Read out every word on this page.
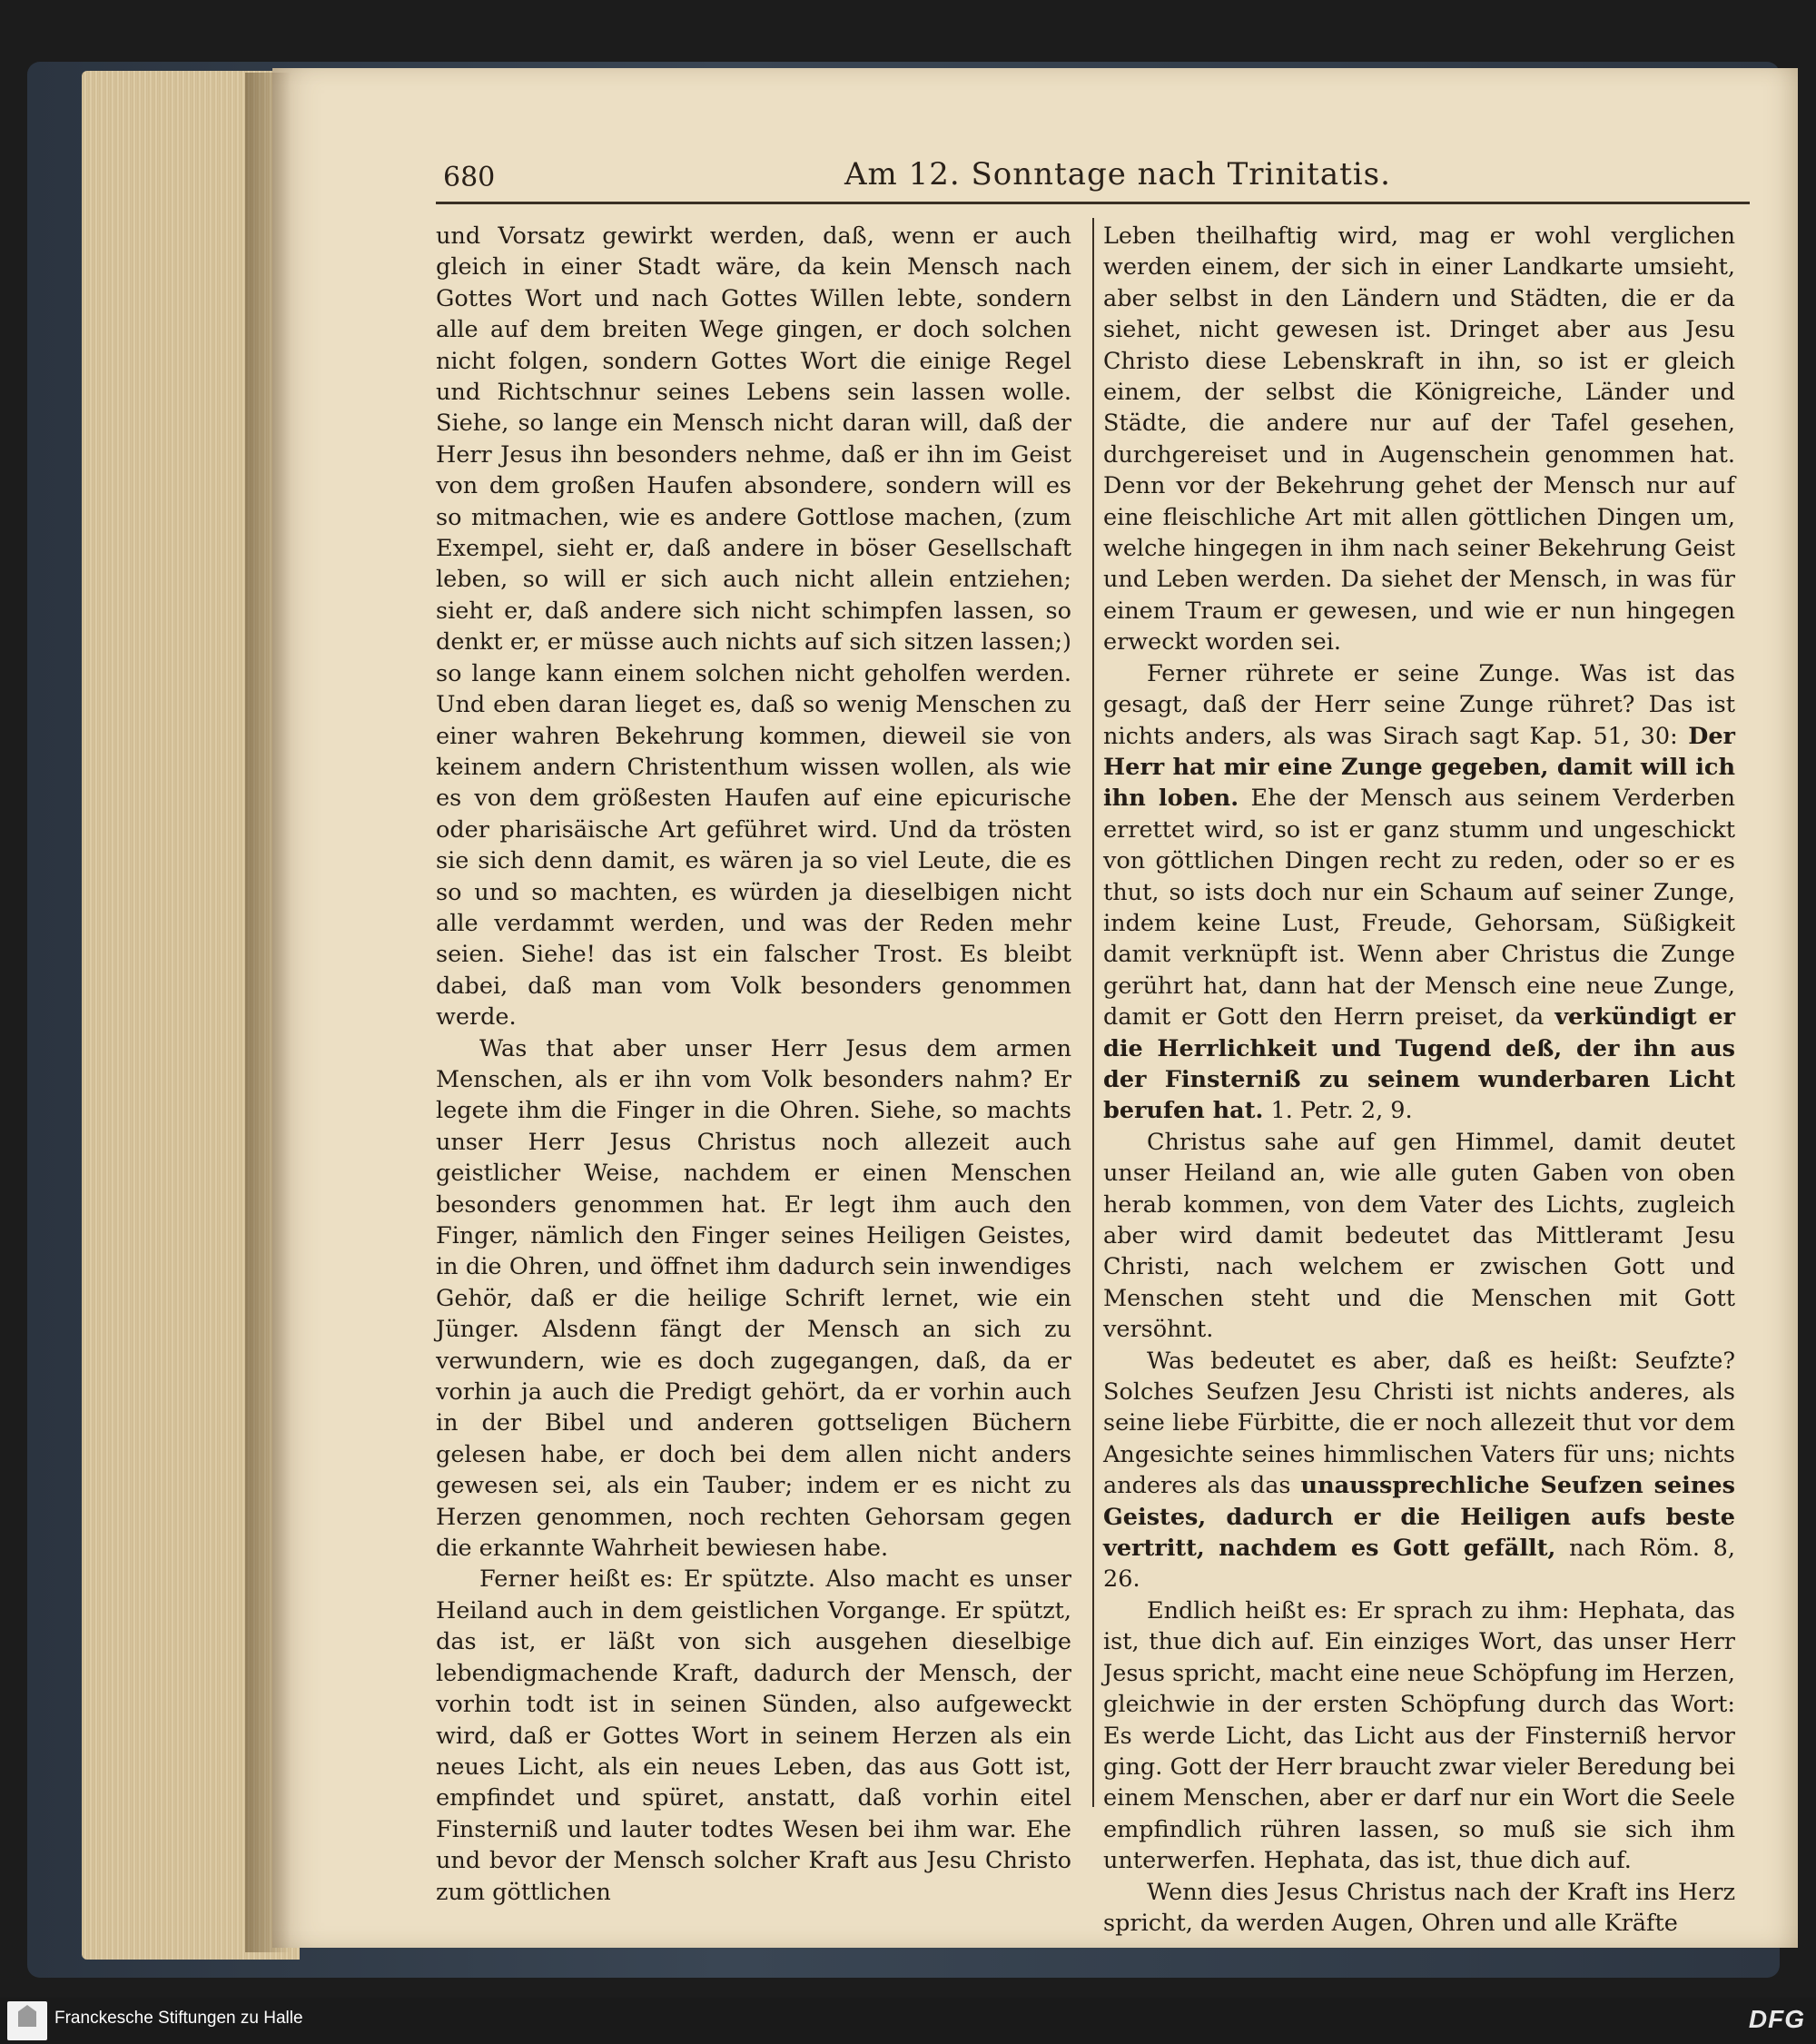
680	Am 12. Sonntage nach Trinitatis.

und Vorsatz gewirkt werden, daß, wenn er auch gleich in einer Stadt wäre, da kein Mensch nach Gottes Wort und nach Gottes Willen lebte, sondern alle auf dem breiten Wege gingen, er doch solchen nicht folgen, sondern Gottes Wort die einige Regel und Richtschnur seines Lebens sein lassen wolle. Siehe, so lange ein Mensch nicht daran will, daß der Herr Jesus ihn besonders nehme, daß er ihn im Geist von dem großen Haufen absondere, sondern will es so mitmachen, wie es andere Gottlose machen, (zum Exempel, sieht er, daß andere in böser Gesellschaft leben, so will er sich auch nicht allein entziehen; sieht er, daß andere sich nicht schimpfen lassen, so denkt er, er müsse auch nichts auf sich sitzen lassen;) so lange kann einem solchen nicht geholfen werden. Und eben daran lieget es, daß so wenig Menschen zu einer wahren Bekehrung kommen, dieweil sie von keinem andern Christenthum wissen wollen, als wie es von dem größesten Haufen auf eine epicurische oder pharisäische Art geführet wird. Und da trösten sie sich denn damit, es wären ja so viel Leute, die es so und so machten, es würden ja dieselbigen nicht alle verdammt werden, und was der Reden mehr seien. Siehe! das ist ein falscher Trost. Es bleibt dabei, daß man vom Volk besonders genommen werde.

Was that aber unser Herr Jesus dem armen Menschen, als er ihn vom Volk besonders nahm? Er legete ihm die Finger in die Ohren. Siehe, so machts unser Herr Jesus Christus noch allezeit auch geistlicher Weise, nachdem er einen Menschen besonders genommen hat. Er legt ihm auch den Finger, nämlich den Finger seines Heiligen Geistes, in die Ohren, und öffnet ihm dadurch sein inwendiges Gehör, daß er die heilige Schrift lernet, wie ein Jünger. Alsdenn fängt der Mensch an sich zu verwundern, wie es doch zugegangen, daß, da er vorhin ja auch die Predigt gehört, da er vorhin auch in der Bibel und anderen gottseligen Büchern gelesen habe, er doch bei dem allen nicht anders gewesen sei, als ein Tauber; indem er es nicht zu Herzen genommen, noch rechten Gehorsam gegen die erkannte Wahrheit bewiesen habe.

Ferner heißt es: Er spützte. Also macht es unser Heiland auch in dem geistlichen Vorgange. Er spützt, das ist, er läßt von sich ausgehen dieselbige lebendigmachende Kraft, dadurch der Mensch, der vorhin todt ist in seinen Sünden, also aufgeweckt wird, daß er Gottes Wort in seinem Herzen als ein neues Licht, als ein neues Leben, das aus Gott ist, empfindet und spüret, anstatt, daß vorhin eitel Finsterniß und lauter todtes Wesen bei ihm war. Ehe und bevor der Mensch solcher Kraft aus Jesu Christo zum göttlichen

Leben theilhaftig wird, mag er wohl verglichen werden einem, der sich in einer Landkarte umsieht, aber selbst in den Ländern und Städten, die er da siehet, nicht gewesen ist. Dringet aber aus Jesu Christo diese Lebenskraft in ihn, so ist er gleich einem, der selbst die Königreiche, Länder und Städte, die andere nur auf der Tafel gesehen, durchgereiset und in Augenschein genommen hat. Denn vor der Bekehrung gehet der Mensch nur auf eine fleischliche Art mit allen göttlichen Dingen um, welche hingegen in ihm nach seiner Bekehrung Geist und Leben werden. Da siehet der Mensch, in was für einem Traum er gewesen, und wie er nun hingegen erweckt worden sei.

Ferner rührete er seine Zunge. Was ist das gesagt, daß der Herr seine Zunge rühret? Das ist nichts anders, als was Sirach sagt Kap. 51, 30: Der Herr hat mir eine Zunge gegeben, damit will ich ihn loben. Ehe der Mensch aus seinem Verderben errettet wird, so ist er ganz stumm und ungeschickt von göttlichen Dingen recht zu reden, oder so er es thut, so ists doch nur ein Schaum auf seiner Zunge, indem keine Lust, Freude, Gehorsam, Süßigkeit damit verknüpft ist. Wenn aber Christus die Zunge gerührt hat, dann hat der Mensch eine neue Zunge, damit er Gott den Herrn preiset, da verkündigt er die Herrlichkeit und Tugend deß, der ihn aus der Finsterniß zu seinem wunderbaren Licht berufen hat. 1. Petr. 2, 9.

Christus sahe auf gen Himmel, damit deutet unser Heiland an, wie alle guten Gaben von oben herab kommen, von dem Vater des Lichts, zugleich aber wird damit bedeutet das Mittleramt Jesu Christi, nach welchem er zwischen Gott und Menschen steht und die Menschen mit Gott versöhnt.

Was bedeutet es aber, daß es heißt: Seufzte? Solches Seufzen Jesu Christi ist nichts anderes, als seine liebe Fürbitte, die er noch allezeit thut vor dem Angesichte seines himmlischen Vaters für uns; nichts anderes als das unaussprechliche Seufzen seines Geistes, dadurch er die Heiligen aufs beste vertritt, nachdem es Gott gefällt, nach Röm. 8, 26.

Endlich heißt es: Er sprach zu ihm: Hephata, das ist, thue dich auf. Ein einziges Wort, das unser Herr Jesus spricht, macht eine neue Schöpfung im Herzen, gleichwie in der ersten Schöpfung durch das Wort: Es werde Licht, das Licht aus der Finsterniß hervor ging. Gott der Herr braucht zwar vieler Beredung bei einem Menschen, aber er darf nur ein Wort die Seele empfindlich rühren lassen, so muß sie sich ihm unterwerfen. Hephata, das ist, thue dich auf.

Wenn dies Jesus Christus nach der Kraft ins Herz spricht, da werden Augen, Ohren und alle Kräfte

Franckesche Stiftungen zu Halle	DFG
